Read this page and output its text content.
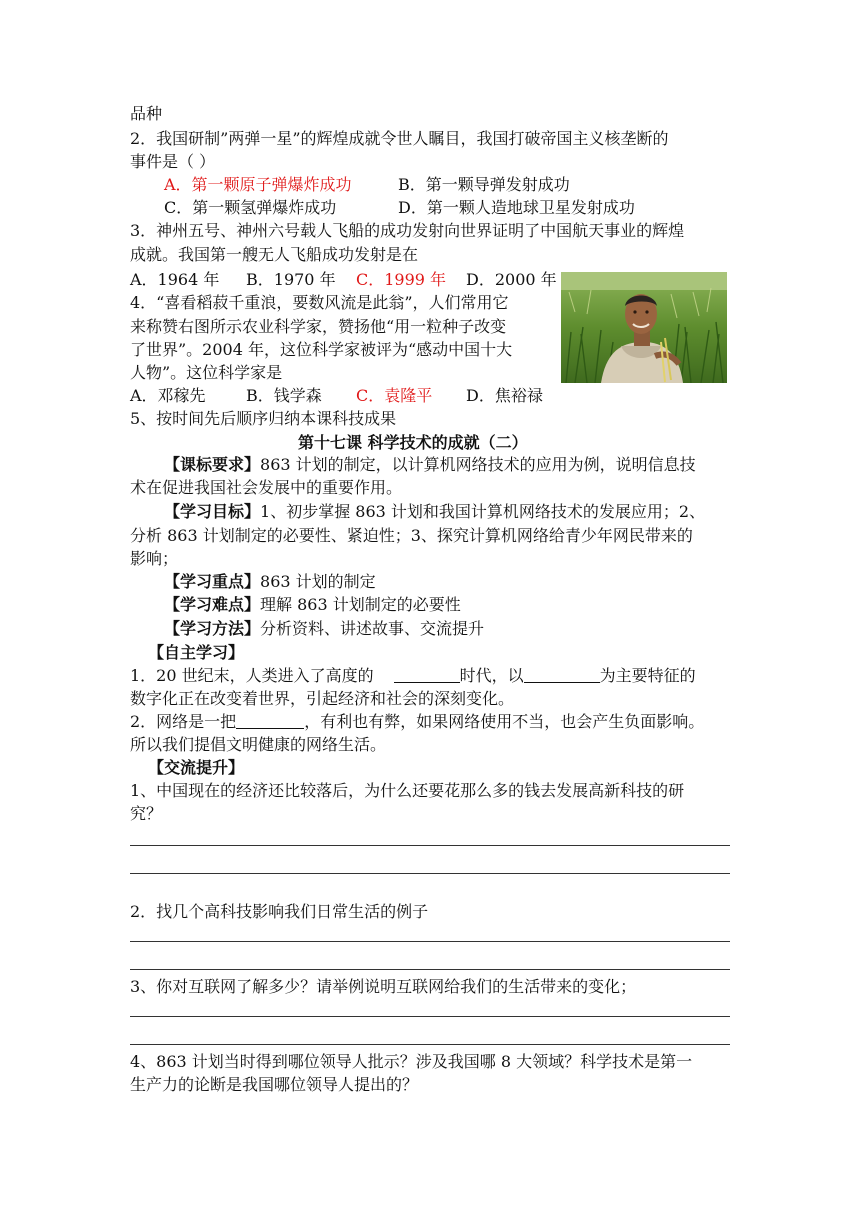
品种
2．我国研制”两弹一星”的辉煌成就令世人瞩目，我国打破帝国主义核垄断的
事件是（ ）
A．第一颗原子弹爆炸成功	B．第一颗导弹发射成功
C．第一颗氢弹爆炸成功	D．第一颗人造地球卫星发射成功
3．神州五号、神州六号载人飞船的成功发射向世界证明了中国航天事业的辉煌
成就。我国第一艘无人飞船成功发射是在
A．1964 年 B．1970 年 C．1999 年 D．2000 年
4．“喜看稻菽千重浪，要数风流是此翁”，人们常用它
来称赞右图所示农业科学家，赞扬他“用一粒种子改变
了世界”。2004 年，这位科学家被评为“感动中国十大
人物”。这位科学家是
A．邓稼先	B．钱学森 C．袁隆平 D．焦裕禄
5、按时间先后顺序归纳本课科技成果
第十七课 科学技术的成就（二）
【课标要求】863 计划的制定，以计算机网络技术的应用为例，说明信息技
术在促进我国社会发展中的重要作用。
【学习目标】1、初步掌握 863 计划和我国计算机网络技术的发展应用；2、
分析 863 计划制定的必要性、紧迫性；3、探究计算机网络给青少年网民带来的
影响；
【学习重点】863 计划的制定
【学习难点】理解 863 计划制定的必要性
【学习方法】分析资料、讲述故事、交流提升
【自主学习】
1．20 世纪末，人类进入了高度的	时代，以	为主要特征的
数字化正在改变着世界，引起经济和社会的深刻变化。
2．网络是一把	，有利也有弊，如果网络使用不当，也会产生负面影响。
所以我们提倡文明健康的网络生活。
【交流提升】
1、中国现在的经济还比较落后，为什么还要花那么多的钱去发展高新科技的研
究？
2．找几个高科技影响我们日常生活的例子
3、你对互联网了解多少？请举例说明互联网给我们的生活带来的变化；
4、863 计划当时得到哪位领导人批示？涉及我国哪 8 大领域？科学技术是第一
生产力的论断是我国哪位领导人提出的？
